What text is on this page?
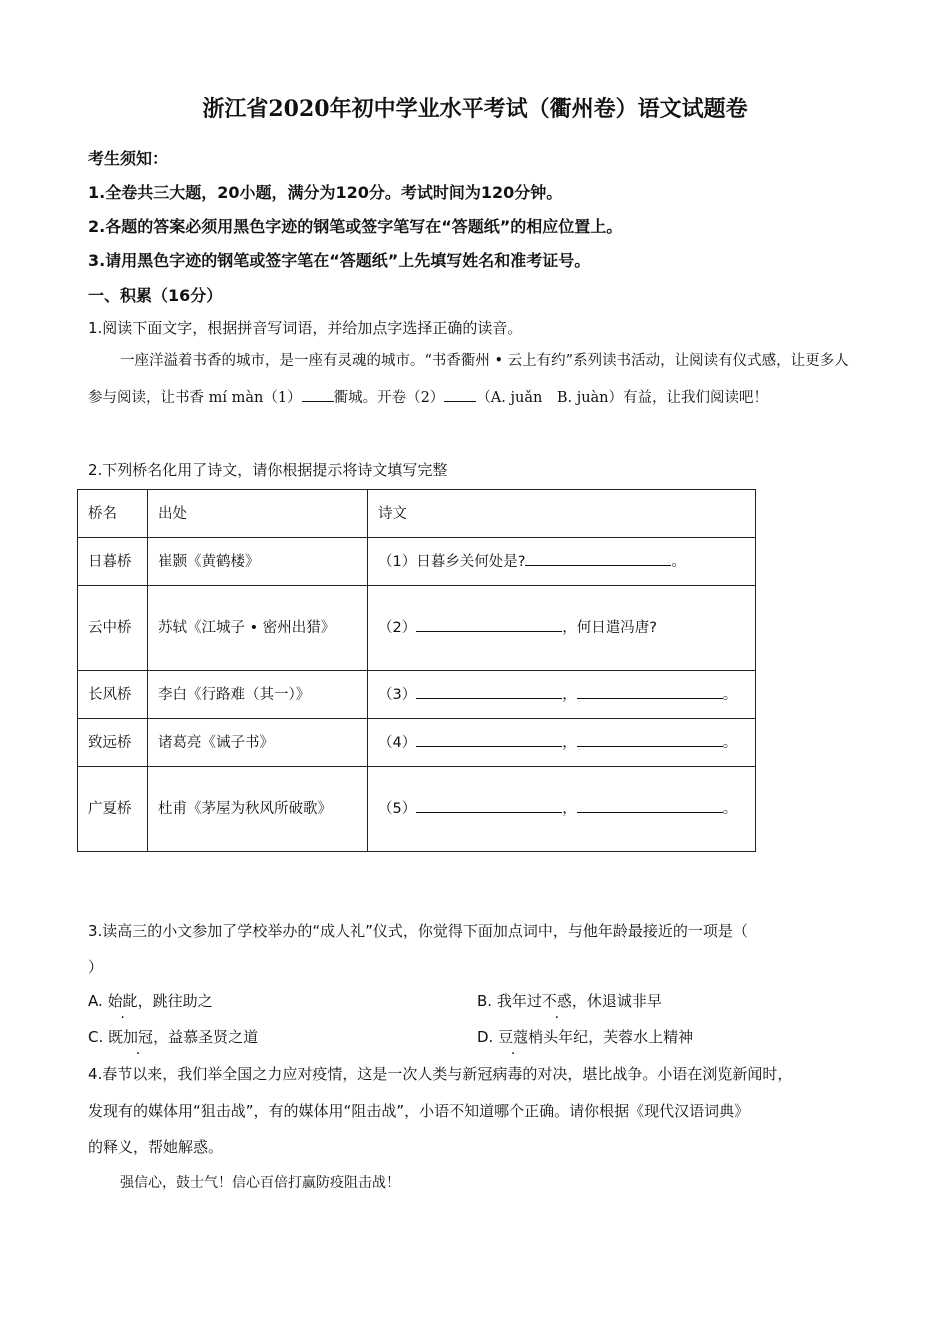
浙江省2020年初中学业水平考试（衢州卷）语文试题卷
考生须知：
1.全卷共三大题，20小题，满分为120分。考试时间为120分钟。
2.各题的答案必须用黑色字迹的钢笔或签字笔写在“答题纸”的相应位置上。
3.请用黑色字迹的钢笔或签字笔在“答题纸”上先填写姓名和准考证号。
一、积累（16分）
1.阅读下面文字，根据拼音写词语，并给加点字选择正确的读音。
一座洋溢着书香的城市，是一座有灵魂的城市。“书香衢州 • 云上有约”系列读书活动，让阅读有仪式感，让更多人参与阅读，让书香 mí màn（1） 衢城。开卷（2） （A. juǎn　B. juàn）有益，让我们阅读吧！
2.下列桥名化用了诗文，请你根据提示将诗文填写完整
桥名	出处	诗文
日暮桥	崔颢《黄鹤楼》	（1）日暮乡关何处是? 。
云中桥	苏轼《江城子 • 密州出猎》	（2） ，何日遣冯唐?
长风桥	李白《行路难（其一）》	（3） ， 。
致远桥	诸葛亮《诫子书》	（4） ， 。
广夏桥	杜甫《茅屋为秋风所破歌》	（5） ， 。
3.读高三的小文参加了学校举办的“成人礼”仪式，你觉得下面加点词中，与他年龄最接近的一项是（
）
A. 始龀，跳往助之	B. 我年过不惑，休退诚非早
C. 既加冠，益慕圣贤之道	D. 豆蔻梢头年纪，芙蓉水上精神
4.春节以来，我们举全国之力应对疫情，这是一次人类与新冠病毒的对决，堪比战争。小语在浏览新闻时，
发现有的媒体用“狙击战”，有的媒体用“阻击战”，小语不知道哪个正确。请你根据《现代汉语词典》
的释义，帮她解惑。
强信心，鼓士气！信心百倍打赢防疫阻击战！
